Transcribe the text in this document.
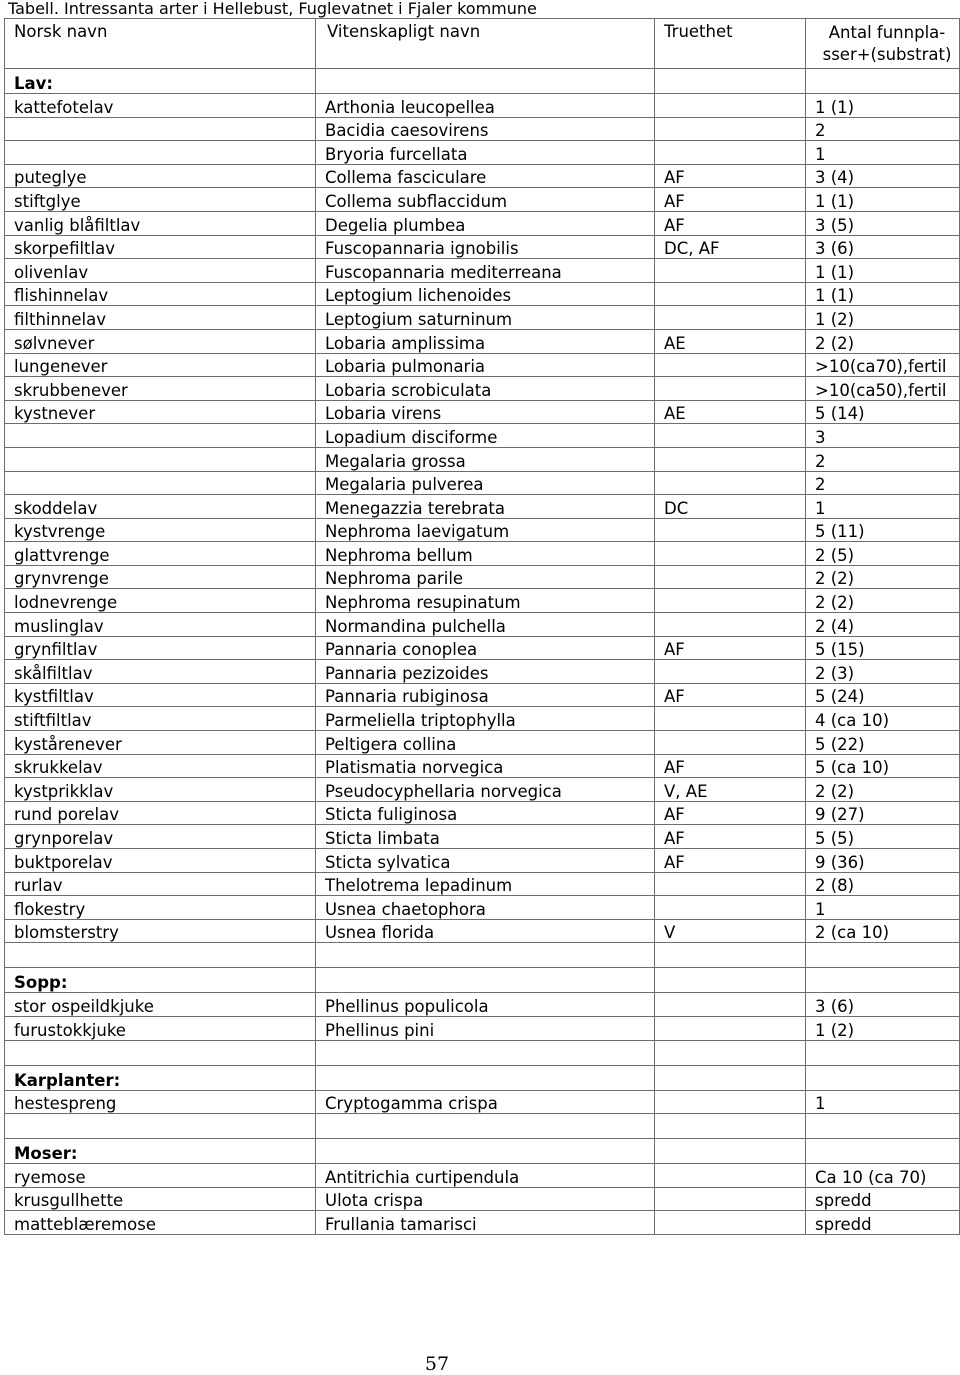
Tabell. Intressanta arter i Hellebust, Fuglevatnet i Fjaler kommune
Norsk navn	Vitenskapligt navn	Truethet	Antal funnpla-
sser+(substrat)
Lav:			
kattefotelav	Arthonia leucopellea		1 (1)
	Bacidia caesovirens		2
	Bryoria furcellata		1
puteglye	Collema fasciculare	AF	3 (4)
stiftglye	Collema subflaccidum	AF	1 (1)
vanlig blåfiltlav	Degelia plumbea	AF	3 (5)
skorpefiltlav	Fuscopannaria ignobilis	DC, AF	3 (6)
olivenlav	Fuscopannaria mediterreana		1 (1)
flishinnelav	Leptogium lichenoides		1 (1)
filthinnelav	Leptogium saturninum		1 (2)
sølvnever	Lobaria amplissima	AE	2 (2)
lungenever	Lobaria pulmonaria		>10(ca70),fertil
skrubbenever	Lobaria scrobiculata		>10(ca50),fertil
kystnever	Lobaria virens	AE	5 (14)
	Lopadium disciforme		3
	Megalaria grossa		2
	Megalaria pulverea		2
skoddelav	Menegazzia terebrata	DC	1
kystvrenge	Nephroma laevigatum		5 (11)
glattvrenge	Nephroma bellum		2 (5)
grynvrenge	Nephroma parile		2 (2)
lodnevrenge	Nephroma resupinatum		2 (2)
muslinglav	Normandina pulchella		2 (4)
grynfiltlav	Pannaria conoplea	AF	5 (15)
skålfiltlav	Pannaria pezizoides		2 (3)
kystfiltlav	Pannaria rubiginosa	AF	5 (24)
stiftfiltlav	Parmeliella triptophylla		4 (ca 10)
kystårenever	Peltigera collina		5 (22)
skrukkelav	Platismatia norvegica	AF	5 (ca 10)
kystprikklav	Pseudocyphellaria norvegica	V, AE	2 (2)
rund porelav	Sticta fuliginosa	AF	9 (27)
grynporelav	Sticta limbata	AF	5 (5)
buktporelav	Sticta sylvatica	AF	9 (36)
rurlav	Thelotrema lepadinum		2 (8)
flokestry	Usnea chaetophora		1
blomsterstry	Usnea florida	V	2 (ca 10)

Sopp:			
stor ospeildkjuke	Phellinus populicola		3 (6)
furustokkjuke	Phellinus pini		1 (2)

Karplanter:			
hestespreng	Cryptogamma crispa		1

Moser:			
ryemose	Antitrichia curtipendula		Ca 10 (ca 70)
krusgullhette	Ulota crispa		spredd
matteblæremose	Frullania tamarisci		spredd
57
